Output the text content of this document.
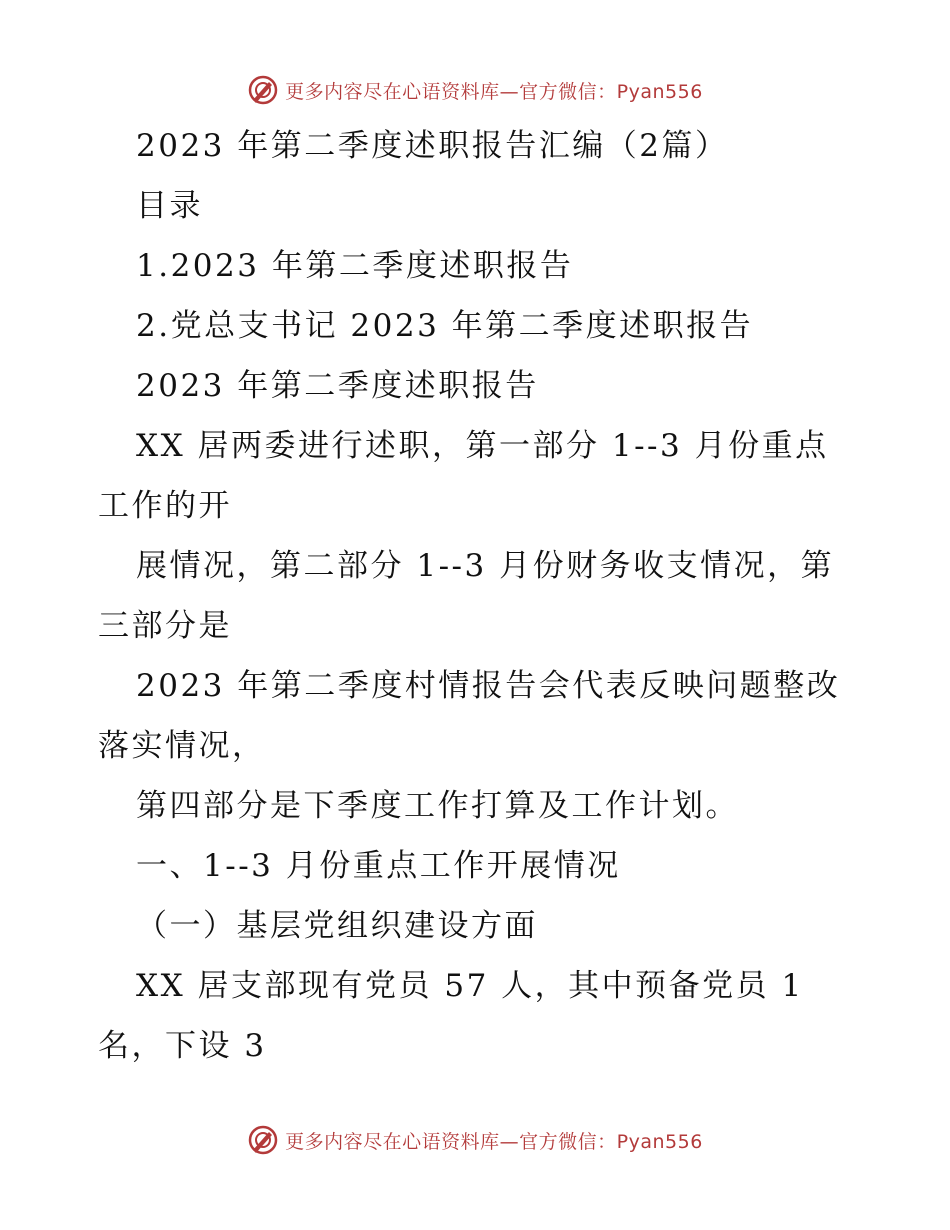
更多内容尽在心语资料库—官方微信：Pyan556

2023 年第二季度述职报告汇编（2篇）

目录

1.2023 年第二季度述职报告

2.党总支书记 2023 年第二季度述职报告

2023 年第二季度述职报告

XX 居两委进行述职，第一部分 1--3 月份重点

工作的开

展情况，第二部分 1--3 月份财务收支情况，第

三部分是

2023 年第二季度村情报告会代表反映问题整改

落实情况，

第四部分是下季度工作打算及工作计划。

一、1--3 月份重点工作开展情况

（一）基层党组织建设方面

XX 居支部现有党员 57 人，其中预备党员 1

名，下设 3

更多内容尽在心语资料库—官方微信：Pyan556
